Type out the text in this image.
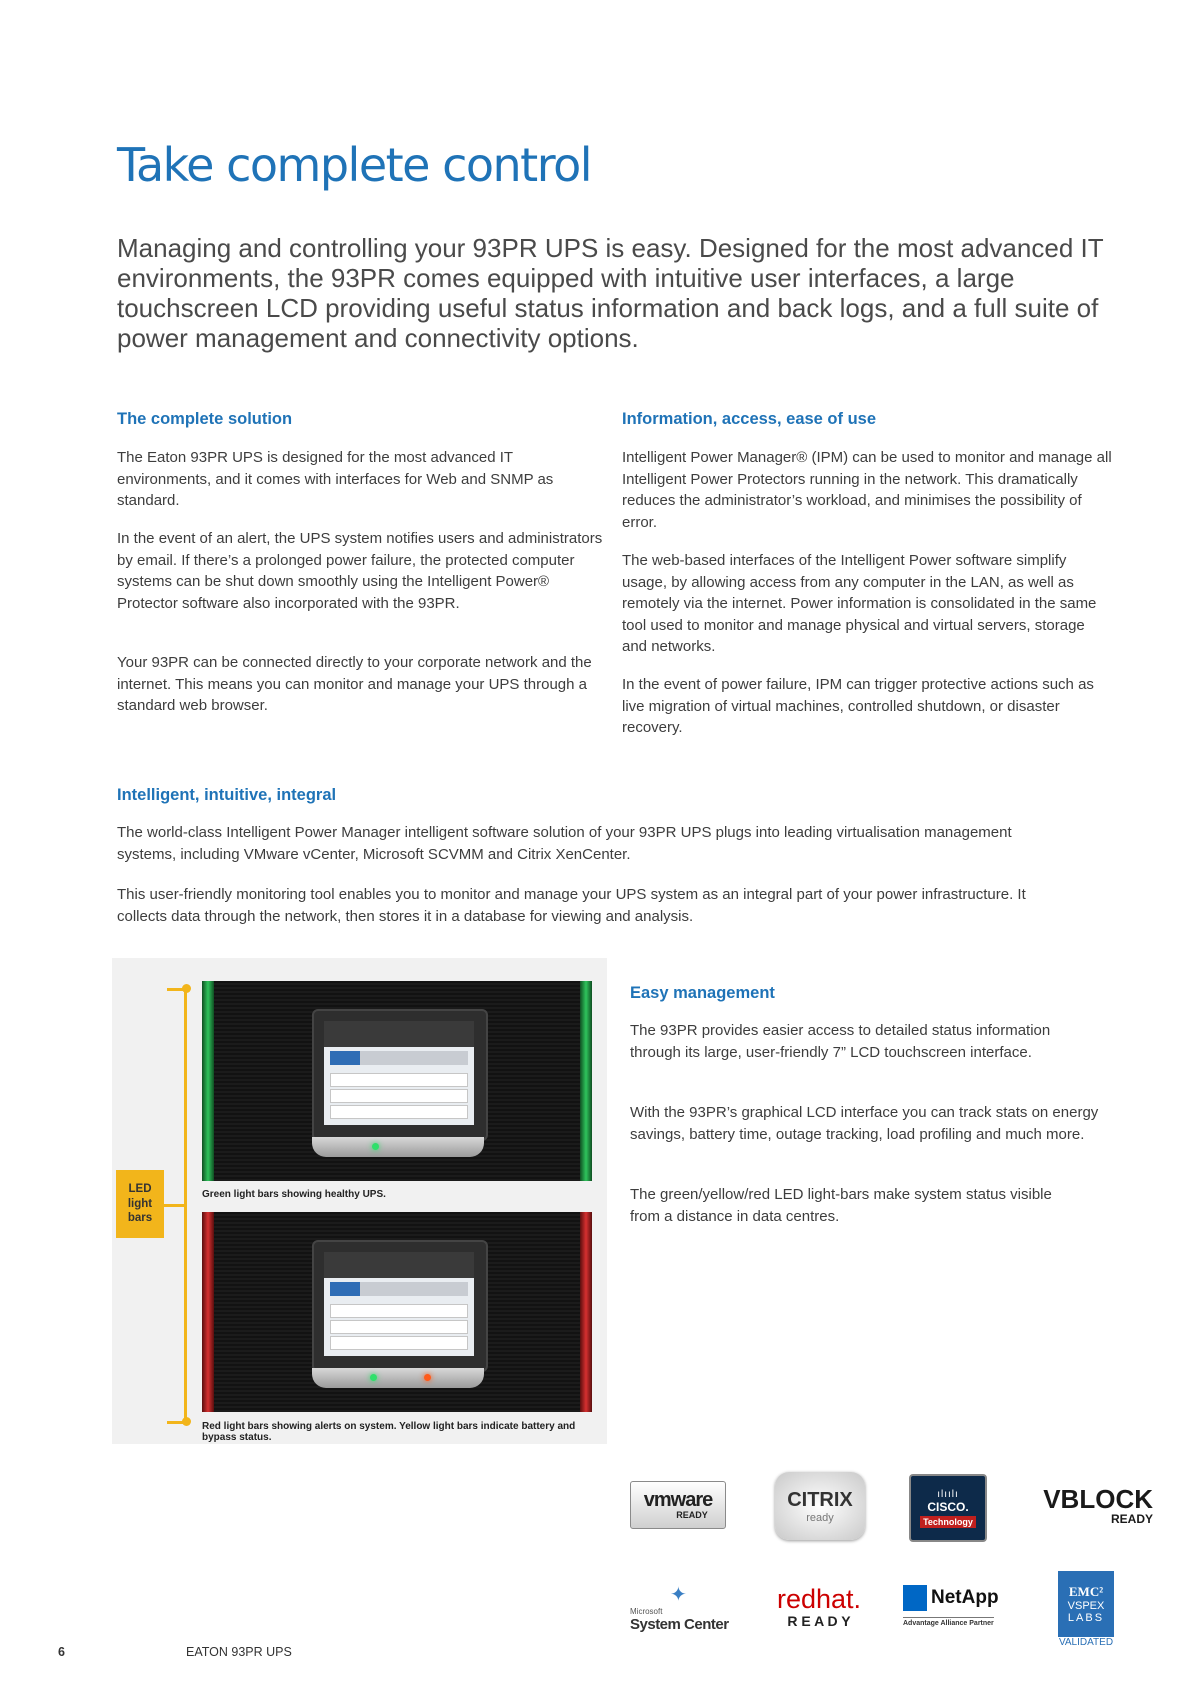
Take complete control

Managing and controlling your 93PR UPS is easy. Designed for the most advanced IT environments, the 93PR comes equipped with intuitive user interfaces, a large touchscreen LCD providing useful status information and back logs, and a full suite of power management and connectivity options.

The complete solution

The Eaton 93PR UPS is designed for the most advanced IT environments, and it comes with interfaces for Web and SNMP as standard.

In the event of an alert, the UPS system notifies users and administrators by email. If there’s a prolonged power failure, the protected computer systems can be shut down smoothly using the Intelligent Power® Protector software also incorporated with the 93PR.

Your 93PR can be connected directly to your corporate network and the internet. This means you can monitor and manage your UPS through a standard web browser.

Information, access, ease of use

Intelligent Power Manager® (IPM) can be used to monitor and manage all Intelligent Power Protectors running in the network. This dramatically reduces the administrator’s workload, and minimises the possibility of error.

The web-based interfaces of the Intelligent Power software simplify usage, by allowing access from any computer in the LAN, as well as remotely via the internet. Power information is consolidated in the same tool used to monitor and manage physical and virtual servers, storage and networks.

In the event of power failure, IPM can trigger protective actions such as live migration of virtual machines, controlled shutdown, or disaster recovery.

Intelligent, intuitive, integral

The world-class Intelligent Power Manager intelligent software solution of your 93PR UPS plugs into leading virtualisation management systems, including VMware vCenter, Microsoft SCVMM and Citrix XenCenter.

This user-friendly monitoring tool enables you to monitor and manage your UPS system as an integral part of your power infrastructure. It collects data through the network, then stores it in a database for viewing and analysis.

LED
light
bars
Green light bars showing healthy UPS.
Red light bars showing alerts on system. Yellow light bars indicate battery and bypass status.
Easy management

The 93PR provides easier access to detailed status information through its large, user-friendly 7” LCD touchscreen interface.

With the 93PR’s graphical LCD interface you can track stats on energy savings, battery time, outage tracking, load profiling and much more.

The green/yellow/red LED light-bars make system status visible from a distance in data centres.

vmware
READY
CITRIX
ready
ılıılı
CISCO.
Technology
VBLOCK
READY
✦
Microsoft
System Center
redhat.
R E A D Y
NetApp
Advantage Alliance Partner
EMC²
VSPEX
LABS
VALIDATED
6	EATON 93PR UPS
